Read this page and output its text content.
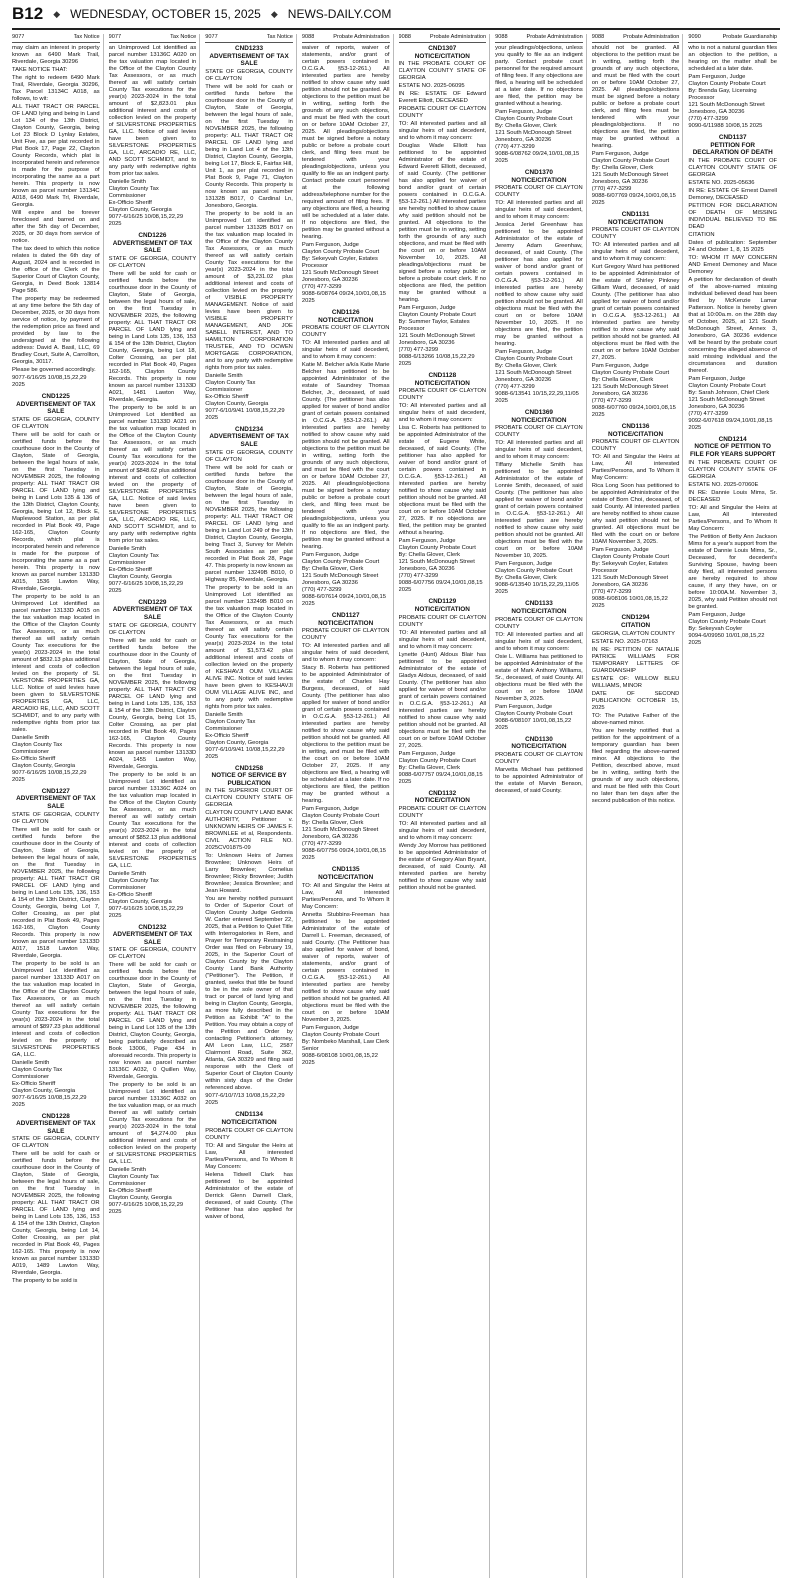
B12 ◆ WEDNESDAY, OCTOBER 15, 2025 ◆ NEWS-DAILY.COM
9077	Tax Notice

may claim an interest in property known as 6490 Mark Trail, Riverdale, Georgia 30296

TAKE NOTICE THAT:

The right to redeem 6490 Mark Trail, Riverdale, Georgia 30296, Tax Parcel 13134C A018, as follows, to wit:

ALL THAT TRACT OR PARCEL OF LAND lying and being in Land Lot 134 of the 13th District, Clayton County, Georgia, being Lot 23 Block D Lynlay Estates, Unit Five, as per plat recorded in Plat Book 17, Page 22, Clayton County Records, which plat is incorporated herein and reference is made for the purpose of incorporating the same as a part herein. This property is now known as parcel number 13134C A018, 6490 Mark Trl, Riverdale, Georgia.

Will expire and be forever foreclosed and barred on and after the 5th day of December, 2025, or 30 days from service of notice.

The tax deed to which this notice relates is dated the 6th day of August, 2024 and is recorded in the office of the Clerk of the Superior Court of Clayton County, Georgia, in Deed Book 13814 Page 586.

The property may be redeemed at any time before the 5th day of December, 2025, or 30 days from service of notice, by payment of the redemption price as fixed and provided by law to the undersigned at the following address: David A. Basil, LLC, 69 Bradley Court, Suite A, Carrollton, Georgia, 30117.

Please be governed accordingly.

9077-6/16/25 10/08,15,22,29 2025

CND1225
ADVERTISEMENT OF TAX SALE

STATE OF GEORGIA, COUNTY OF CLAYTON

There will be sold for cash or certified funds before the courthouse door in the County of Clayton, State of Georgia, between the legal hours of sale, on the first Tuesday in NOVEMBER 2025, the following property: ALL THAT TRACT OR PARCEL OF LAND lying and being in Land Lots 135 & 136 of the 13th District, Clayton County, Georgia, being Lot 12, Block E, Maplewood Station, as per plat recorded in Plat Book 49, Page 162-165, Clayton County Records, which plat is incorporated herein and reference is made for the purpose of incorporating the same as a part herein. This property is now known as parcel number 13133D A015, 1536 Lawton Way, Riverdale, Georgia.

The property to be sold is an Unimproved Lot identified as parcel number 13133D A015 on the tax valuation map located in the Office of the Clayton County Tax Assessors, or as much thereof as will satisfy certain County Tax executions for the year(s) 2023-2024 in the total amount of $832.13 plus additional interest and costs of collection levied on the property of SL VERSTONE PROPERTIES GA, LLC. Notice of said levies have been given to SILVERSTONE PROPERTIES GA, LLC, ARCADIO RE, LLC, AND SCOTT SCHMIDT, and to any party with redemptive rights from prior tax sales.

Danielle Smith

Clayton County Tax Commissioner

Ex-Officio Sheriff

Clayton County, Georgia

9077-6/16/25 10/08,15,22,29 2025

CND1227
ADVERTISEMENT OF TAX SALE

STATE OF GEORGIA, COUNTY OF CLAYTON

There will be sold for cash or certified funds before the courthouse door in the County of Clayton, State of Georgia, between the legal hours of sale, on the first Tuesday in NOVEMBER 2025, the following property: ALL THAT TRACT OR PARCEL OF LAND lying and being in Land Lots 135, 136, 153 & 154 of the 13th District, Clayton County, Georgia, being Lot 7, Colter Crossing, as per plat recorded in Plat Book 49, Pages 162-165, Clayton County Records. This property is now known as parcel number 13133D A017, 1518 Lawton Way, Riverdale, Georgia.

The property to be sold is an Unimproved Lot identified as parcel number 13133D A017 on the tax valuation map located in the Office of the Clayton County Tax Assessors, or as much thereof as will satisfy certain County Tax executions for the year(s) 2023-2024 in the total amount of $897.23 plus additional interest and costs of collection levied on the property of SILVERSTONE PROPERTIES GA, LLC.

Danielle Smith

Clayton County Tax Commissioner

Ex-Officio Sheriff

Clayton County, Georgia

9077-6/16/25 10/08,15,22,29 2025

CND1228
ADVERTISEMENT OF TAX SALE

STATE OF GEORGIA, COUNTY OF CLAYTON

There will be sold for cash or certified funds before the courthouse door in the County of Clayton, State of Georgia, between the legal hours of sale, on the first Tuesday in NOVEMBER 2025, the following property: ALL THAT TRACT OR PARCEL OF LAND lying and being in Land Lots 135, 136, 153 & 154 of the 13th District, Clayton County, Georgia, being Lot 14, Colter Crossing, as per plat recorded in Plat Book 49, Pages 162-165. This property is now known as parcel number 13133D A019, 1489 Lawton Way, Riverdale, Georgia.

The property to be sold is

9077	Tax Notice

an Unimproved Lot identified as parcel number 13136C A020 on the tax valuation map located in the Office of the Clayton County Tax Assessors, or as much thereof as will satisfy certain County Tax executions for the year(s) 2023-2024 in the total amount of $2,823.01 plus additional interest and costs of collection levied on the property of SILVERSTONE PROPERTIES GA, LLC. Notice of said levies have been given to SILVERSTONE PROPERTIES GA, LLC, ARCADIO RE, LLC, AND SCOTT SCHMIDT, and to any party with redemptive rights from prior tax sales.

Danielle Smith

Clayton County Tax Commissioner

Ex-Officio Sheriff

Clayton County, Georgia

9077-6/16/25 10/08,15,22,29 2025

CND1226
ADVERTISEMENT OF TAX SALE

STATE OF GEORGIA, COUNTY OF CLAYTON

There will be sold for cash or certified funds before the courthouse door in the County of Clayton, State of Georgia, between the legal hours of sale, on the first Tuesday in NOVEMBER 2025, the following property: ALL THAT TRACT OR PARCEL OF LAND lying and being in Land Lots 135, 136, 153 & 154 of the 13th District, Clayton County, Georgia, being Lot 18, Colter Crossing, as per plat recorded in Plat Book 49, Pages 162-165, Clayton County Records. This property is now known as parcel number 13133D A021, 1481 Lawton Way, Riverdale, Georgia.

The property to be sold is an Unimproved Lot identified as parcel number 13133D A021 on the tax valuation map located in the Office of the Clayton County Tax Assessors, or as much thereof as will satisfy certain County Tax executions for the year(s) 2023-2024 in the total amount of $848.62 plus additional interest and costs of collection levied on the property of SILVERSTONE PROPERTIES GA, LLC. Notice of said levies have been given to SILVERSTONE PROPERTIES GA, LLC, ARCADIO RE, LLC, AND SCOTT SCHMIDT, and to any party with redemptive rights from prior tax sales.

Danielle Smith

Clayton County Tax Commissioner

Ex-Officio Sheriff

Clayton County, Georgia

9077-6/16/25 10/08,15,22,29 2025

CND1229
ADVERTISEMENT OF TAX SALE

STATE OF GEORGIA, COUNTY OF CLAYTON

There will be sold for cash or certified funds before the courthouse door in the County of Clayton, State of Georgia, between the legal hours of sale, on the first Tuesday in NOVEMBER 2025, the following property: ALL THAT TRACT OR PARCEL OF LAND lying and being in Land Lots 135, 136, 153 & 154 of the 13th District, Clayton County, Georgia, being Lot 15, Colter Crossing, as per plat recorded in Plat Book 49, Pages 162-165, Clayton County Records. This property is now known as parcel number 13133D A024, 1455 Lawton Way, Riverdale, Georgia.

The property to be sold is an Unimproved Lot identified as parcel number 13136C A024 on the tax valuation map located in the Office of the Clayton County Tax Assessors, or as much thereof as will satisfy certain County Tax executions for the year(s) 2023-2024 in the total amount of $852.13 plus additional interest and costs of collection levied on the property of SILVERSTONE PROPERTIES GA, LLC.

Danielle Smith

Clayton County Tax Commissioner

Ex-Officio Sheriff

Clayton County, Georgia

9077-6/16/25 10/08,15,22,29 2025

CND1232
ADVERTISEMENT OF TAX SALE

STATE OF GEORGIA, COUNTY OF CLAYTON

There will be sold for cash or certified funds before the courthouse door in the County of Clayton, State of Georgia, between the legal hours of sale, on the first Tuesday in NOVEMBER 2025, the following property: ALL THAT TRACT OR PARCEL OF LAND lying and being in Land Lot 135 of the 13th District, Clayton County, Georgia, being particularly described as Book 13006, Page 434 in aforesaid records. This property is now known as parcel number 13136C A032, 0 Quillen Way, Riverdale, Georgia.

The property to be sold is an Unimproved Lot identified as parcel number 13136C A032 on the tax valuation map, or as much thereof as will satisfy certain County Tax executions for the year(s) 2023-2024 in the total amount of $4,274.00 plus additional interest and costs of collection levied on the property of SILVERSTONE PROPERTIES GA, LLC.

Danielle Smith

Clayton County Tax Commissioner

Ex-Officio Sheriff

Clayton County, Georgia

9077-6/16/25 10/08,15,22,29 2025

9077	Tax Notice
CND1233
ADVERTISEMENT OF TAX SALE

STATE OF GEORGIA, COUNTY OF CLAYTON

There will be sold for cash or certified funds before the courthouse door in the County of Clayton, State of Georgia, between the legal hours of sale, on the first Tuesday in NOVEMBER 2025, the following property: ALL THAT TRACT OR PARCEL OF LAND lying and being in Land Lot 4 of the 13th District, Clayton County, Georgia, being Lot 17, Block E, Fairfax Hill, Unit 1, as per plat recorded in Plat Book 9, Page 71, Clayton County Records. This property is now known as parcel number 13132B B017, 0 Cardinal Ln, Jonesboro, Georgia.

The property to be sold is an Unimproved Lot identified as parcel number 13132B B017 on the tax valuation map located in the Office of the Clayton County Tax Assessors, or as much thereof as will satisfy certain County Tax executions for the year(s) 2023-2024 in the total amount of $3,231.02 plus additional interest and costs of collection levied on the property of VISIBLE PROPERTY MANAGEMENT. Notice of said levies have been given to VISIBLE PROPERTY MANAGEMENT, AND JOE SABELL INTEREST, AND TO HAMILTON CORPORATION TRUSTEE, AND TO OCWEN MORTGAGE CORPORATION, and to any party with redemptive rights from prior tax sales.

Danielle Smith

Clayton County Tax Commissioner

Ex-Officio Sheriff

Clayton County, Georgia

9077-6/10/9/41 10/08,15,22,29 2025

CND1234
ADVERTISEMENT OF TAX SALE

STATE OF GEORGIA, COUNTY OF CLAYTON

There will be sold for cash or certified funds before the courthouse door in the County of Clayton, State of Georgia, between the legal hours of sale, on the first Tuesday in NOVEMBER 2025, the following property: ALL THAT TRACT OR PARCEL OF LAND lying and being in Land Lot 249 of the 13th District, Clayton County, Georgia, being Tract 3, Survey for Melvin South Associates as per plat recorded in Plat Book 28, Page 47. This property is now known as parcel number 13249B B010, 0 Highway 85, Riverdale, Georgia.

The property to be sold is an Unimproved Lot identified as parcel number 13249B B010 on the tax valuation map located in the Office of the Clayton County Tax Assessors, or as much thereof as will satisfy certain County Tax executions for the year(s) 2023-2024 in the total amount of $1,573.42 plus additional interest and costs of collection levied on the property of KESHAVJI OUM VILLAGE ALIVE INC. Notice of said levies have been given to KESHAVJI OUM VILLAGE ALIVE INC, and to any party with redemptive rights from prior tax sales.

Danielle Smith

Clayton County Tax Commissioner

Ex-Officio Sheriff

Clayton County, Georgia

9077-6/10/9/41 10/08,15,22,29 2025

CND1258
NOTICE OF SERVICE BY PUBLICATION

IN THE SUPERIOR COURT OF CLAYTON COUNTY STATE OF GEORGIA

CLAYTON COUNTY LAND BANK AUTHORITY, Petitioner v. UNKNOWN HEIRS OF JAMES F. BROWNLEE et al, Respondents. CIVIL ACTION FILE NO. 2025CV01875-09

To: Unknown Heirs of James Brownlee; Unknown Heirs of Larry Brownlee; Cornelius Brownlee; Ricky Brownlee; Judith Brownlee; Jessica Brownlee; and Jean Howard.

You are hereby notified pursuant to Order of Superior Court of Clayton County Judge Gedonia W. Carter entered September 22, 2025, that a Petition to Quiet Title with Interrogatories in Rem, and Prayer for Temporary Restraining Order was filed on February 19, 2025, in the Superior Court of Clayton County by the Clayton County Land Bank Authority ("Petitioner"). The Petition, if granted, seeks that title be found to be in the sole owner of that tract or parcel of land lying and being in Clayton County, Georgia, as more fully described in the Petition as Exhibit "A" to the Petition. You may obtain a copy of the Petition and Order by contacting Petitioner's attorney, AM Leon Law, LLC, 2587 Clairmont Road, Suite 362, Atlanta, GA 30329 and filing said response with the Clerk of Superior Court of Clayton County within sixty days of the Order referenced above.

9077-6/10/7/13 10/08,15,22,29 2025

CND1134
NOTICE/CITATION

PROBATE COURT OF CLAYTON COUNTY

TO: All and Singular the Heirs at Law, All interested Parties/Persons, and To Whom It May Concern:

Helena Tidwell Clark has petitioned to be appointed Administrator of the estate of Derrick Glenn Darnell Clark, deceased, of said County. (The Petitioner has also applied for waiver of bond,

9088	Probate Administration

waiver of reports, waiver of statements, and/or grant of certain powers contained in O.C.G.A. §53-12-261.) All interested parties are hereby notified to show cause why said petition should not be granted. All objections to the petition must be in writing, setting forth the grounds of any such objections, and must be filed with the court on or before 10AM October 27, 2025. All pleadings/objections must be signed before a notary public or before a probate court clerk, and filing fees must be tendered with your pleadings/objections, unless you qualify to file as an indigent party. Contact probate court personnel at the following address/telephone number for the required amount of filing fees. If any objections are filed, a hearing will be scheduled at a later date. If no objections are filed, the petition may be granted without a hearing.

Pam Ferguson, Judge

Clayton County Probate Court

By: Sekeyvah Coyler, Estates Processor

121 South McDonough Street

Jonesboro, GA 30236

(770) 477-3299

9088-6/08764 09/24,10/01,08,15 2025

CND1126
NOTICE/CITATION

PROBATE COURT OF CLAYTON COUNTY

TO: All interested parties and all singular heirs of said decedent, and to whom it may concern:

Katie M. Belcher a/k/a Katie Marie Belcher has petitioned to be appointed Administrator of the estate of Saundrey Thomas Belcher, Jr., deceased, of said County. (The petitioner has also applied for waiver of bond and/or grant of certain powers contained in O.C.G.A. §53-12-261.) All interested parties are hereby notified to show cause why said petition should not be granted. All objections to the petition must be in writing, setting forth the grounds of any such objections, and must be filed with the court on or before 10AM October 27, 2025. All pleadings/objections must be signed before a notary public or before a probate court clerk, and filing fees must be tendered with your pleadings/objections, unless you qualify to file as an indigent party. If no objections are filed, the petition may be granted without a hearing.

Pam Ferguson, Judge

Clayton County Probate Court

By: Chella Glover, Clerk

121 South McDonough Street

Jonesboro, GA 30236

(770) 477-3299

9088-6/07614 09/24,10/01,08,15 2025

CND1127
NOTICE/CITATION

PROBATE COURT OF CLAYTON COUNTY

TO: All interested parties and all singular heirs of said decedent, and to whom it may concern:

Stacy B. Roberts has petitioned to be appointed Administrator of the estate of Charles Hay Burgess, deceased, of said County. (The petitioner has also applied for waiver of bond and/or grant of certain powers contained in O.C.G.A. §53-12-261.) All interested parties are hereby notified to show cause why said petition should not be granted. All objections to the petition must be in writing, and must be filed with the court on or before 10AM October 27, 2025. If any objections are filed, a hearing will be scheduled at a later date. If no objections are filed, the petition may be granted without a hearing.

Pam Ferguson, Judge

Clayton County Probate Court

By: Chella Glover, Clerk

121 South McDonough Street

Jonesboro, GA 30236

(770) 477-3299

9088-6/07756 09/24,10/01,08,15 2025

CND1135
NOTICE/CITATION

TO: All and Singular the Heirs at Law, All interested Parties/Persons, and To Whom It May Concern:

Annetta Stubbins-Freeman has petitioned to be appointed Administrator of the estate of Darrell L. Freeman, deceased, of said County. (The Petitioner has also applied for waiver of bond, waiver of reports, waiver of statements, and/or grant of certain powers contained in O.C.G.A. §53-12-261.) All interested parties are hereby notified to show cause why said petition should not be granted. All objections must be filed with the court on or before 10AM November 3, 2025.

Pam Ferguson, Judge

Clayton County Probate Court

By: Nombeko Marshall, Law Clerk Senior

9088-6/08108 10/01,08,15,22 2025

9088	Probate Administration
CND1307
NOTICE/CITATION

IN THE PROBATE COURT OF CLAYTON COUNTY STATE OF GEORGIA

ESTATE NO. 2025-06095

IN RE: ESTATE OF Edward Everett Elliott, DECEASED

PROBATE COURT OF CLAYTON COUNTY

TO: All interested parties and all singular heirs of said decedent, and to whom it may concern:

Douglas Wade Elliott has petitioned to be appointed Administrator of the estate of Edward Everett Elliott, deceased, of said County. (The petitioner has also applied for waiver of bond and/or grant of certain powers contained in O.C.G.A. §53-12-261.) All interested parties are hereby notified to show cause why said petition should not be granted. All objections to the petition must be in writing, setting forth the grounds of any such objections, and must be filed with the court on or before 10AM November 10, 2025. All pleadings/objections must be signed before a notary public or before a probate court clerk. If no objections are filed, the petition may be granted without a hearing.

Pam Ferguson, Judge

Clayton County Probate Court

By: Summer Taylor, Estates Processor

121 South McDonough Street

Jonesboro, GA 30236

(770) 477-3299

9088-6/13266 10/08,15,22,29 2025

CND1128
NOTICE/CITATION

PROBATE COURT OF CLAYTON COUNTY

TO: All interested parties and all singular heirs of said decedent, and to whom it may concern:

Lisa C. Roberts has petitioned to be appointed Administrator of the estate of Eugene White, deceased, of said County. (The petitioner has also applied for waiver of bond and/or grant of certain powers contained in O.C.G.A. §53-12-261.) All interested parties are hereby notified to show cause why said petition should not be granted. All objections must be filed with the court on or before 10AM October 27, 2025. If no objections are filed, the petition may be granted without a hearing.

Pam Ferguson, Judge

Clayton County Probate Court

By: Chella Glover, Clerk

121 South McDonough Street

Jonesboro, GA 30236

(770) 477-3299

9088-6/07756 09/24,10/01,08,15 2025

CND1129
NOTICE/CITATION

PROBATE COURT OF CLAYTON COUNTY

TO: All interested parties and all singular heirs of said decedent, and to whom it may concern:

Lynette (Hunt) Aldous Blair has petitioned to be appointed Administrator of the estate of Gladys Aldous, deceased, of said County. (The petitioner has also applied for waiver of bond and/or grant of certain powers contained in O.C.G.A. §53-12-261.) All interested parties are hereby notified to show cause why said petition should not be granted. All objections must be filed with the court on or before 10AM October 27, 2025.

Pam Ferguson, Judge

Clayton County Probate Court

By: Chella Glover, Clerk

9088-6/07757 09/24,10/01,08,15 2025

CND1132
NOTICE/CITATION

PROBATE COURT OF CLAYTON COUNTY

TO: All interested parties and all singular heirs of said decedent, and to whom it may concern:

Wendy Joy Morrow has petitioned to be appointed Administrator of the estate of Gregory Alan Bryant, deceased, of said County. All interested parties are hereby notified to show cause why said petition should not be granted.

9088	Probate Administration

your pleadings/objections, unless you qualify to file as an indigent party. Contact probate court personnel for the required amount of filing fees. If any objections are filed, a hearing will be scheduled at a later date. If no objections are filed, the petition may be granted without a hearing.

Pam Ferguson, Judge

Clayton County Probate Court

By: Chella Glover, Clerk

121 South McDonough Street

Jonesboro, GA 30236

(770) 477-3299

9088-6/08762 09/24,10/01,08,15 2025

CND1370
NOTICE/CITATION

PROBATE COURT OF CLAYTON COUNTY

TO: All interested parties and all singular heirs of said decedent, and to whom it may concern:

Jessica Jeriel Greenhaw has petitioned to be appointed Administrator of the estate of Jeremy Adam Greenhaw, deceased, of said County. (The petitioner has also applied for waiver of bond and/or grant of certain powers contained in O.C.G.A. §53-12-261.) All interested parties are hereby notified to show cause why said petition should not be granted. All objections must be filed with the court on or before 10AM November 10, 2025. If no objections are filed, the petition may be granted without a hearing.

Pam Ferguson, Judge

Clayton County Probate Court

By: Chella Glover, Clerk

121 South McDonough Street

Jonesboro, GA 30236

(770) 477-3299

9088-6/13541 10/15,22,29,11/05 2025

CND1369
NOTICE/CITATION

PROBATE COURT OF CLAYTON COUNTY

TO: All interested parties and all singular heirs of said decedent, and to whom it may concern:

Tiffany Michelle Smith has petitioned to be appointed Administrator of the estate of Lonnie Smith, deceased, of said County. (The petitioner has also applied for waiver of bond and/or grant of certain powers contained in O.C.G.A. §53-12-261.) All interested parties are hereby notified to show cause why said petition should not be granted. All objections must be filed with the court on or before 10AM November 10, 2025.

Pam Ferguson, Judge

Clayton County Probate Court

By: Chella Glover, Clerk

9088-6/13540 10/15,22,29,11/05 2025

CND1133
NOTICE/CITATION

PROBATE COURT OF CLAYTON COUNTY

TO: All interested parties and all singular heirs of said decedent, and to whom it may concern:

Osie L. Williams has petitioned to be appointed Administrator of the estate of Mark Anthony Williams, Sr., deceased, of said County. All objections must be filed with the court on or before 10AM November 3, 2025.

Pam Ferguson, Judge

Clayton County Probate Court

9088-6/08107 10/01,08,15,22 2025

CND1130
NOTICE/CITATION

PROBATE COURT OF CLAYTON COUNTY

Marvetta Michael has petitioned to be appointed Administrator of the estate of Marvin Benson, deceased, of said County.

9088	Probate Administration

should not be granted. All objections to the petition must be in writing, setting forth the grounds of any such objections, and must be filed with the court on or before 10AM October 27, 2025. All pleadings/objections must be signed before a notary public or before a probate court clerk, and filing fees must be tendered with your pleadings/objections. If no objections are filed, the petition may be granted without a hearing.

Pam Ferguson, Judge

Clayton County Probate Court

By: Chella Glover, Clerk

121 South McDonough Street

Jonesboro, GA 30236

(770) 477-3299

9088-6/07769 09/24,10/01,08,15 2025

CND1131
NOTICE/CITATION

PROBATE COURT OF CLAYTON COUNTY

TO: All interested parties and all singular heirs of said decedent, and to whom it may concern:

Kurt Gregory Ward has petitioned to be appointed Administrator of the estate of Shirley Pinkney Gilliam Ward, deceased, of said County. (The petitioner has also applied for waiver of bond and/or grant of certain powers contained in O.C.G.A. §53-12-261.) All interested parties are hereby notified to show cause why said petition should not be granted. All objections must be filed with the court on or before 10AM October 27, 2025.

Pam Ferguson, Judge

Clayton County Probate Court

By: Chella Glover, Clerk

121 South McDonough Street

Jonesboro, GA 30236

(770) 477-3299

9088-6/07760 09/24,10/01,08,15 2025

CND1136
NOTICE/CITATION

PROBATE COURT OF CLAYTON COUNTY

TO: All and Singular the Heirs at Law, All interested Parties/Persons, and To Whom It May Concern:

Rica Long Soon has petitioned to be appointed Administrator of the estate of Born Choi, deceased, of said County. All interested parties are hereby notified to show cause why said petition should not be granted. All objections must be filed with the court on or before 10AM November 3, 2025.

Pam Ferguson, Judge

Clayton County Probate Court

By: Sekeyvah Coyler, Estates Processor

121 South McDonough Street

Jonesboro, GA 30236

(770) 477-3299

9088-6/08106 10/01,08,15,22 2025

CND1294
CITATION

GEORGIA, CLAYTON COUNTY

ESTATE NO. 2025-07163

IN RE: PETITION OF NATALIE PATRICE WILLIAMS FOR TEMPORARY LETTERS OF GUARDIANSHIP

ESTATE OF: WILLOW BLEU WILLIAMS, MINOR

DATE OF SECOND PUBLICATION: OCTOBER 15, 2025

TO: The Putative Father of the above-named minor.

You are hereby notified that a petition for the appointment of a temporary guardian has been filed regarding the above-named minor. All objections to the Petition, described above, must be in writing, setting forth the grounds of any such objections, and must be filed with this Court no later than ten days after the second publication of this notice.

9090	Probate Guardianship

who is not a natural guardian files an objection to the petition, a hearing on the matter shall be scheduled at a later date.

Pam Ferguson, Judge

Clayton County Probate Court

By: Brenda Gay, Licensing Processor

121 South McDonough Street

Jonesboro, GA 30236

(770) 477-3299

9090-6/11988 10/08,15 2025

CND1137
PETITION FOR DECLARATION OF DEATH

IN THE PROBATE COURT OF CLAYTON COUNTY STATE OF GEORGIA

ESTATE NO. 2025-05636

IN RE: ESTATE OF Ernest Darrell Demoney, DECEASED

PETITION FOR DECLARATION OF DEATH OF MISSING INDIVIDUAL BELIEVED TO BE DEAD

CITATION

Dates of publication: September 24 and October 1, 8, 15 2025

TO: WHOM IT MAY CONCERN AND Ernest Demoney and Mace Demoney

A petition for declaration of death of the above-named missing individual believed dead has been filed by McKenzie Lamar Patterson. Notice is hereby given that at 10:00a.m. on the 28th day of October, 2025, at 121 South McDonough Street, Annex 3, Jonesboro, GA 30236 evidence will be heard by the probate court concerning the alleged absence of said missing individual and the circumstances and duration thereof.

Pam Ferguson, Judge

Clayton County Probate Court

By: Sarah Johnson, Chief Clerk

121 South McDonough Street

Jonesboro, GA 30236

(770) 477-3299

9092-6/07618 09/24,10/01,08,15 2025

CND1214
NOTICE OF PETITION TO FILE FOR YEARS SUPPORT

IN THE PROBATE COURT OF CLAYTON COUNTY STATE OF GEORGIA

ESTATE NO. 2025-07060E

IN RE: Dannie Louis Mims, Sr. DECEASED

TO: All and Singular the Heirs at Law, All interested Parties/Persons, and To Whom It May Concern:

The Petition of Betty Ann Jackson Mims for a year's support from the estate of Dannie Louis Mims, Sr., Deceased, for decedent's Surviving Spouse, having been duly filed, all interested persons are hereby required to show cause, if any they have, on or before 10:00A.M. November 3, 2025, why said Petition should not be granted.

Pam Ferguson, Judge

Clayton County Probate Court

By: Sekeyvah Coyler

9094-6/09950 10/01,08,15,22 2025
